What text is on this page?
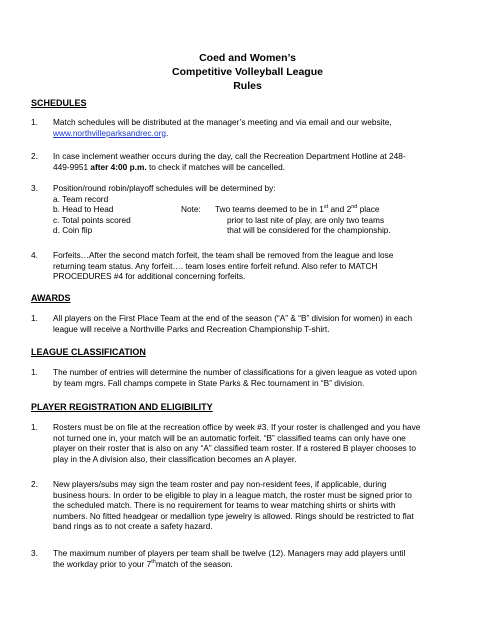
Coed and Women’s
Competitive Volleyball League
Rules
SCHEDULES
1.	Match schedules will be distributed at the manager’s meeting and via email and our website,
www.northvilleparksandrec.org.
2.	In case inclement weather occurs during the day, call the Recreation Department Hotline at 248-
449-9951 after 4:00 p.m. to check if matches will be cancelled.
3.	Position/round robin/playoff schedules will be determined by:
a. Team record
b. Head to Head
c. Total points scored
d. Coin flip
Note: Two teams deemed to be in 1st and 2nd place
prior to last nite of play, are only two teams
that will be considered for the championship.
4.	Forfeits…After the second match forfeit, the team shall be removed from the league and lose
returning team status. Any forfeit…. team loses entire forfeit refund. Also refer to MATCH
PROCEDURES #4 for additional concerning forfeits.
AWARDS
1.	All players on the First Place Team at the end of the season (“A” & “B” division for women) in each
league will receive a Northville Parks and Recreation Championship T-shirt.
LEAGUE CLASSIFICATION
1.	The number of entries will determine the number of classifications for a given league as voted upon
by team mgrs. Fall champs compete in State Parks & Rec tournament in “B” division.
PLAYER REGISTRATION AND ELIGIBILITY
1.	Rosters must be on file at the recreation office by week #3. If your roster is challenged and you have
not turned one in, your match will be an automatic forfeit. “B” classified teams can only have one
player on their roster that is also on any “A” classified team roster. If a rostered B player chooses to
play in the A division also, their classification becomes an A player.
2.	New players/subs may sign the team roster and pay non-resident fees, if applicable, during
business hours. In order to be eligible to play in a league match, the roster must be signed prior to
the scheduled match. There is no requirement for teams to wear matching shirts or shirts with
numbers. No fitted headgear or medallion type jewelry is allowed. Rings should be restricted to flat
band rings as to not create a safety hazard.
3.	The maximum number of players per team shall be twelve (12). Managers may add players until
the workday prior to your 7thmatch of the season.
